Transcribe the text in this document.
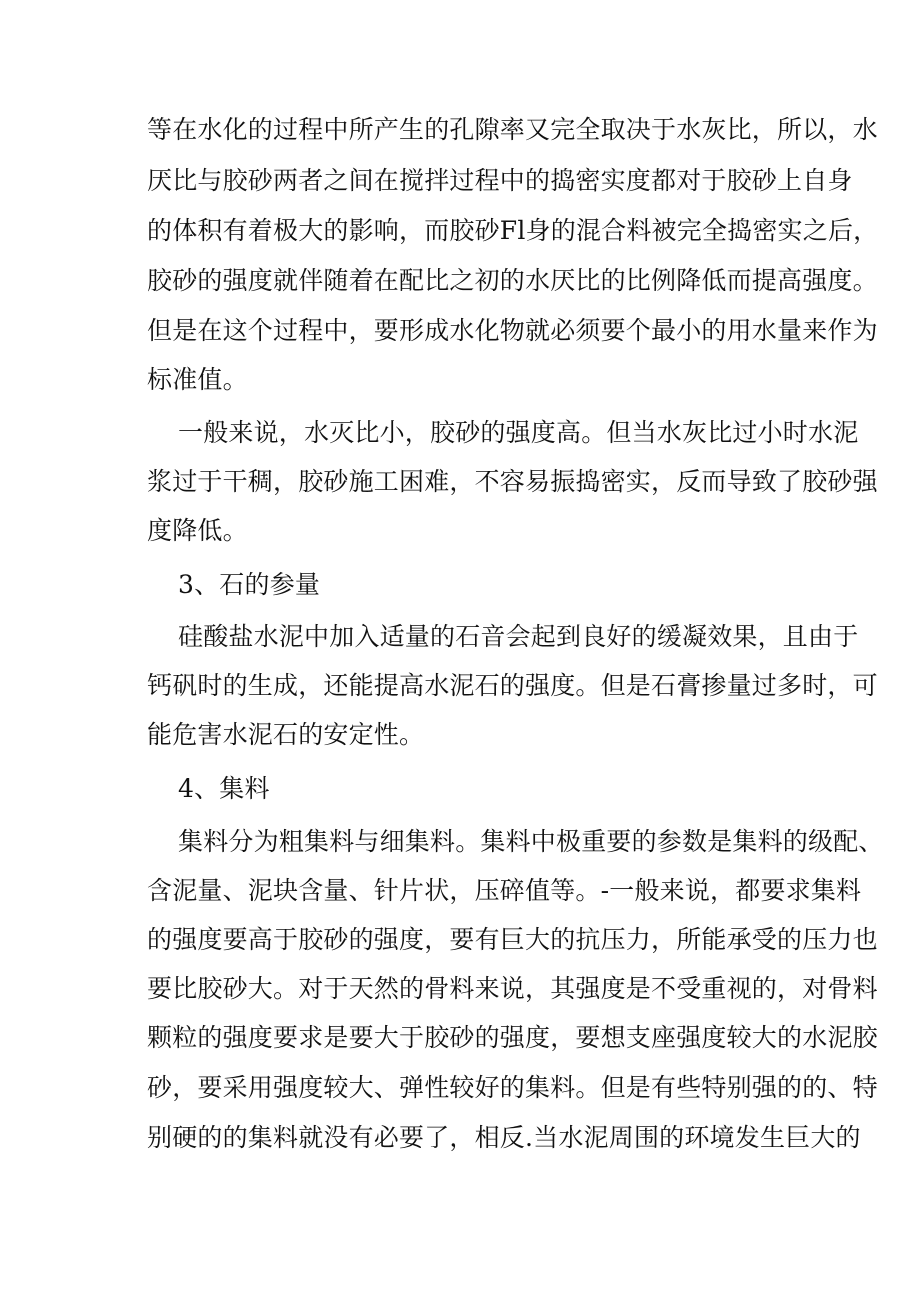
等在水化的过程中所产生的孔隙率又完全取决于水灰比，所以，水
厌比与胶砂两者之间在搅拌过程中的捣密实度都对于胶砂上自身
的体积有着极大的影响，而胶砂Fl身的混合料被完全捣密实之后，
胶砂的强度就伴随着在配比之初的水厌比的比例降低而提高强度。
但是在这个过程中，要形成水化物就必须要个最小的用水量来作为
标准值。
一般来说，水灭比小，胶砂的强度高。但当水灰比过小时水泥
浆过于干稠，胶砂施工困难，不容易振捣密实，反而导致了胶砂强
度降低。
3、石的参量
硅酸盐水泥中加入适量的石音会起到良好的缓凝效果，且由于
钙矾时的生成，还能提高水泥石的强度。但是石膏掺量过多时，可
能危害水泥石的安定性。
4、集料
集料分为粗集料与细集料。集料中极重要的参数是集料的级配、
含泥量、泥块含量、针片状，压碎值等。-一般来说，都要求集料
的强度要高于胶砂的强度，要有巨大的抗压力，所能承受的压力也
要比胶砂大。对于天然的骨料来说，其强度是不受重视的，对骨料
颗粒的强度要求是要大于胶砂的强度，要想支座强度较大的水泥胶
砂，要采用强度较大、弹性较好的集料。但是有些特别强的的、特
别硬的的集料就没有必要了，相反.当水泥周围的环境发生巨大的
